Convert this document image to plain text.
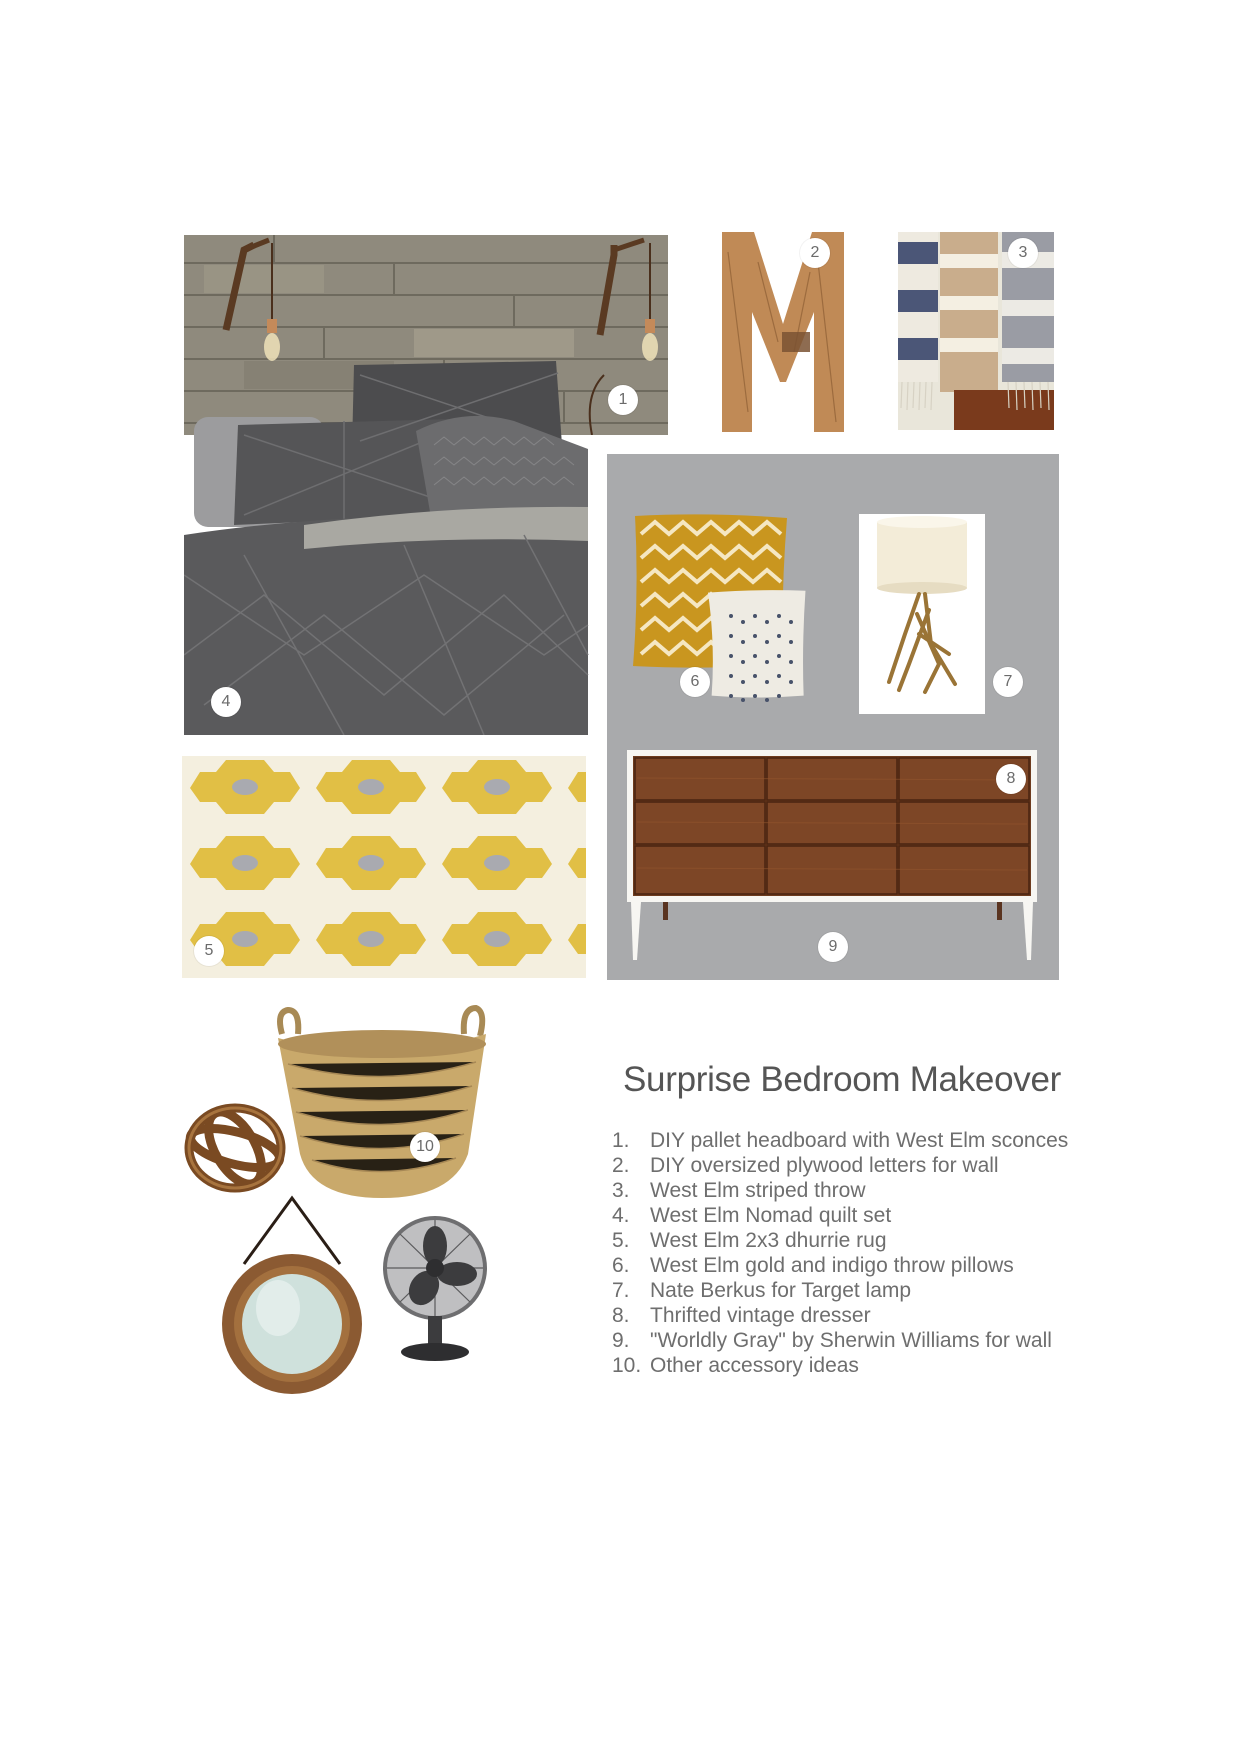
1
4
2	3
5
6	7
8
9
10
Surprise Bedroom Makeover
1. DIY pallet headboard with West Elm sconces
2. DIY oversized plywood letters for wall
3. West Elm striped throw
4. West Elm Nomad quilt set
5. West Elm 2x3 dhurrie rug
6. West Elm gold and indigo throw pillows
7. Nate Berkus for Target lamp
8. Thrifted vintage dresser
9. "Worldly Gray" by Sherwin Williams for wall
10. Other accessory ideas
